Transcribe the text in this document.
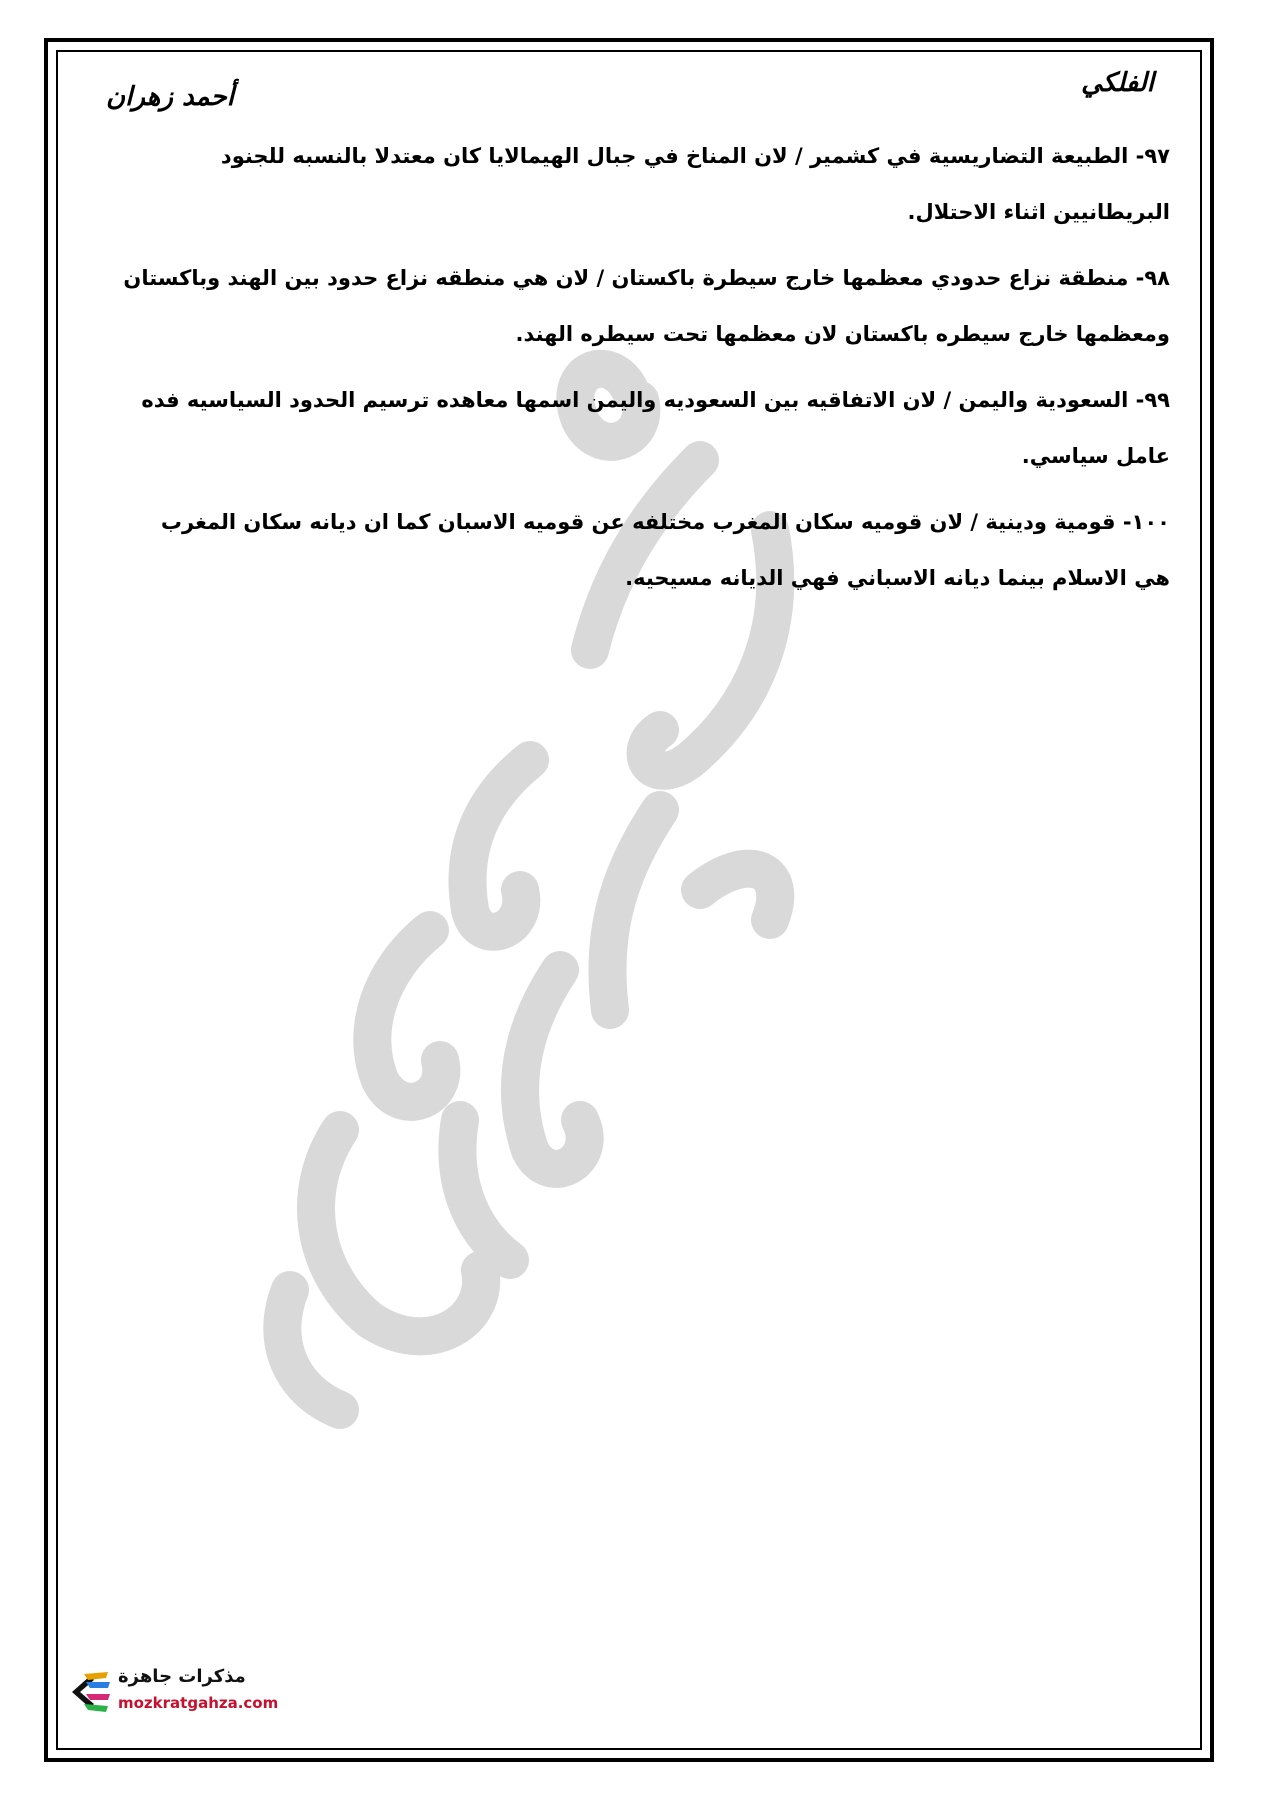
الفلكي
أحمد زهران

٩٧- الطبيعة التضاريسية في كشمير / لان المناخ في جبال الهيمالايا كان معتدلا بالنسبه للجنود البريطانيين اثناء الاحتلال.

٩٨- منطقة نزاع حدودي معظمها خارج سيطرة باكستان / لان هي منطقه نزاع حدود بين الهند وباكستان ومعظمها خارج سيطره باكستان لان معظمها تحت سيطره الهند.

٩٩- السعودية واليمن / لان الاتفاقيه بين السعوديه واليمن اسمها معاهده ترسيم الحدود السياسيه فده عامل سياسي.

١٠٠- قومية ودينية / لان قوميه سكان المغرب مختلفه عن قوميه الاسبان كما ان ديانه سكان المغرب هي الاسلام بينما ديانه الاسباني فهي الديانه مسيحيه.

مذكرات جاهزة
mozkratgahza.com
